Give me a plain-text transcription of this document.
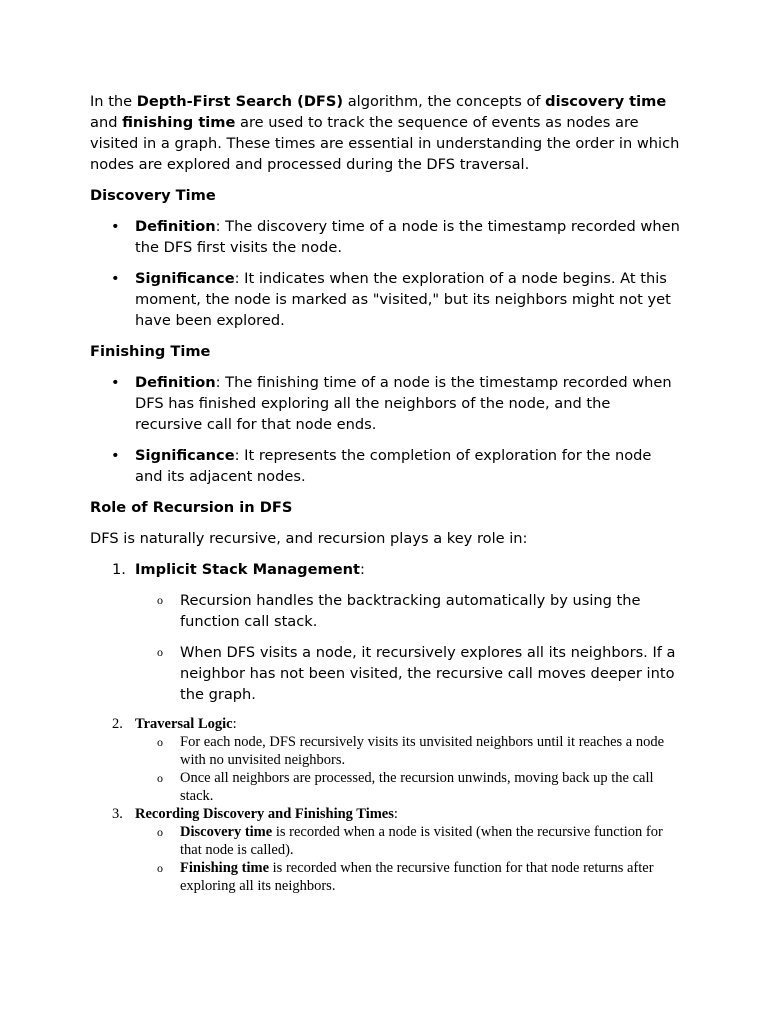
In the Depth-First Search (DFS) algorithm, the concepts of discovery time and finishing time are used to track the sequence of events as nodes are visited in a graph. These times are essential in understanding the order in which nodes are explored and processed during the DFS traversal.

Discovery Time

• Definition: The discovery time of a node is the timestamp recorded when the DFS first visits the node.
• Significance: It indicates when the exploration of a node begins. At this moment, the node is marked as "visited," but its neighbors might not yet have been explored.

Finishing Time

• Definition: The finishing time of a node is the timestamp recorded when DFS has finished exploring all the neighbors of the node, and the recursive call for that node ends.
• Significance: It represents the completion of exploration for the node and its adjacent nodes.

Role of Recursion in DFS

DFS is naturally recursive, and recursion plays a key role in:

1. Implicit Stack Management:
o Recursion handles the backtracking automatically by using the function call stack.
o When DFS visits a node, it recursively explores all its neighbors. If a neighbor has not been visited, the recursive call moves deeper into the graph.
2. Traversal Logic:
o For each node, DFS recursively visits its unvisited neighbors until it reaches a node with no unvisited neighbors.
o Once all neighbors are processed, the recursion unwinds, moving back up the call stack.
3. Recording Discovery and Finishing Times:
o Discovery time is recorded when a node is visited (when the recursive function for that node is called).
o Finishing time is recorded when the recursive function for that node returns after exploring all its neighbors.
